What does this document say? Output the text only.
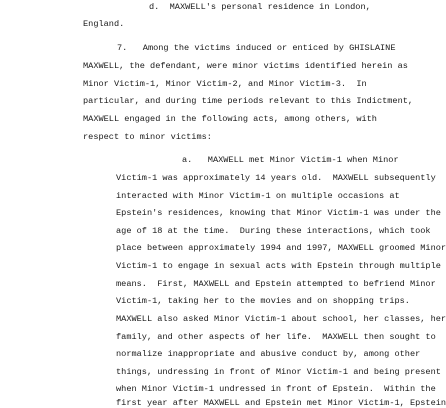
d.  MAXWELL's personal residence in London,
England.
7.   Among the victims induced or enticed by GHISLAINE
MAXWELL, the defendant, were minor victims identified herein as
Minor Victim-1, Minor Victim-2, and Minor Victim-3.  In
particular, and during time periods relevant to this Indictment,
MAXWELL engaged in the following acts, among others, with
respect to minor victims:
a.   MAXWELL met Minor Victim-1 when Minor
Victim-1 was approximately 14 years old.  MAXWELL subsequently
interacted with Minor Victim-1 on multiple occasions at
Epstein's residences, knowing that Minor Victim-1 was under the
age of 18 at the time.  During these interactions, which took
place between approximately 1994 and 1997, MAXWELL groomed Minor
Victim-1 to engage in sexual acts with Epstein through multiple
means.  First, MAXWELL and Epstein attempted to befriend Minor
Victim-1, taking her to the movies and on shopping trips.
MAXWELL also asked Minor Victim-1 about school, her classes, her
family, and other aspects of her life.  MAXWELL then sought to
normalize inappropriate and abusive conduct by, among other
things, undressing in front of Minor Victim-1 and being present
when Minor Victim-1 undressed in front of Epstein.  Within the
first year after MAXWELL and Epstein met Minor Victim-1, Epstein
